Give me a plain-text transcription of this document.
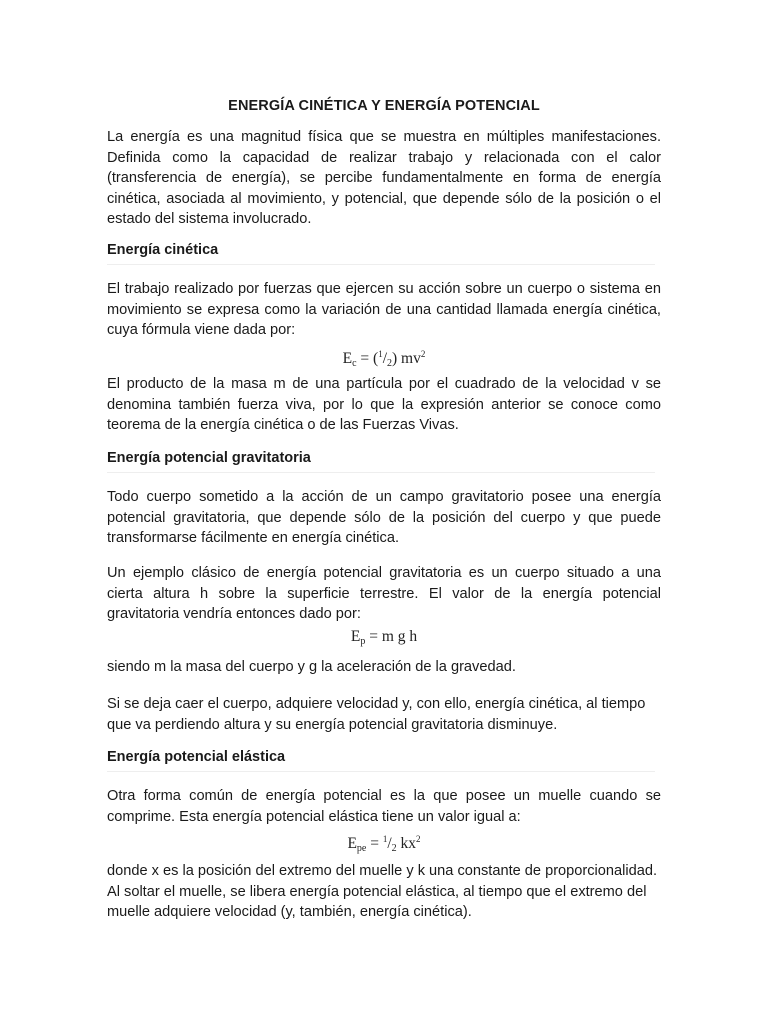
ENERGÍA CINÉTICA Y ENERGÍA POTENCIAL

La energía es una magnitud física que se muestra en múltiples manifestaciones. Definida como la capacidad de realizar trabajo y relacionada con el calor (transferencia de energía), se percibe fundamentalmente en forma de energía cinética, asociada al movimiento, y potencial, que depende sólo de la posición o el estado del sistema involucrado.

Energía cinética

El trabajo realizado por fuerzas que ejercen su acción sobre un cuerpo o sistema en movimiento se expresa como la variación de una cantidad llamada energía cinética, cuya fórmula viene dada por:

$E_c = (^1/_2)$ $mv^2$

El producto de la masa m de una partícula por el cuadrado de la velocidad v se denomina también fuerza viva, por lo que la expresión anterior se conoce como teorema de la energía cinética o de las Fuerzas Vivas.

Energía potencial gravitatoria

Todo cuerpo sometido a la acción de un campo gravitatorio posee una energía potencial gravitatoria, que depende sólo de la posición del cuerpo y que puede transformarse fácilmente en energía cinética.

Un ejemplo clásico de energía potencial gravitatoria es un cuerpo situado a una cierta altura h sobre la superficie terrestre. El valor de la energía potencial gravitatoria vendría entonces dado por:

$E_p = m$ g h

siendo m la masa del cuerpo y g la aceleración de la gravedad.

Si se deja caer el cuerpo, adquiere velocidad y, con ello, energía cinética, al tiempo que va perdiendo altura y su energía potencial gravitatoria disminuye.

Energía potencial elástica

Otra forma común de energía potencial es la que posee un muelle cuando se comprime. Esta energía potencial elástica tiene un valor igual a:

$E_{pe} = ^1/_2$ $kx^2$

donde x es la posición del extremo del muelle y k una constante de proporcionalidad. Al soltar el muelle, se libera energía potencial elástica, al tiempo que el extremo del muelle adquiere velocidad (y, también, energía cinética).
